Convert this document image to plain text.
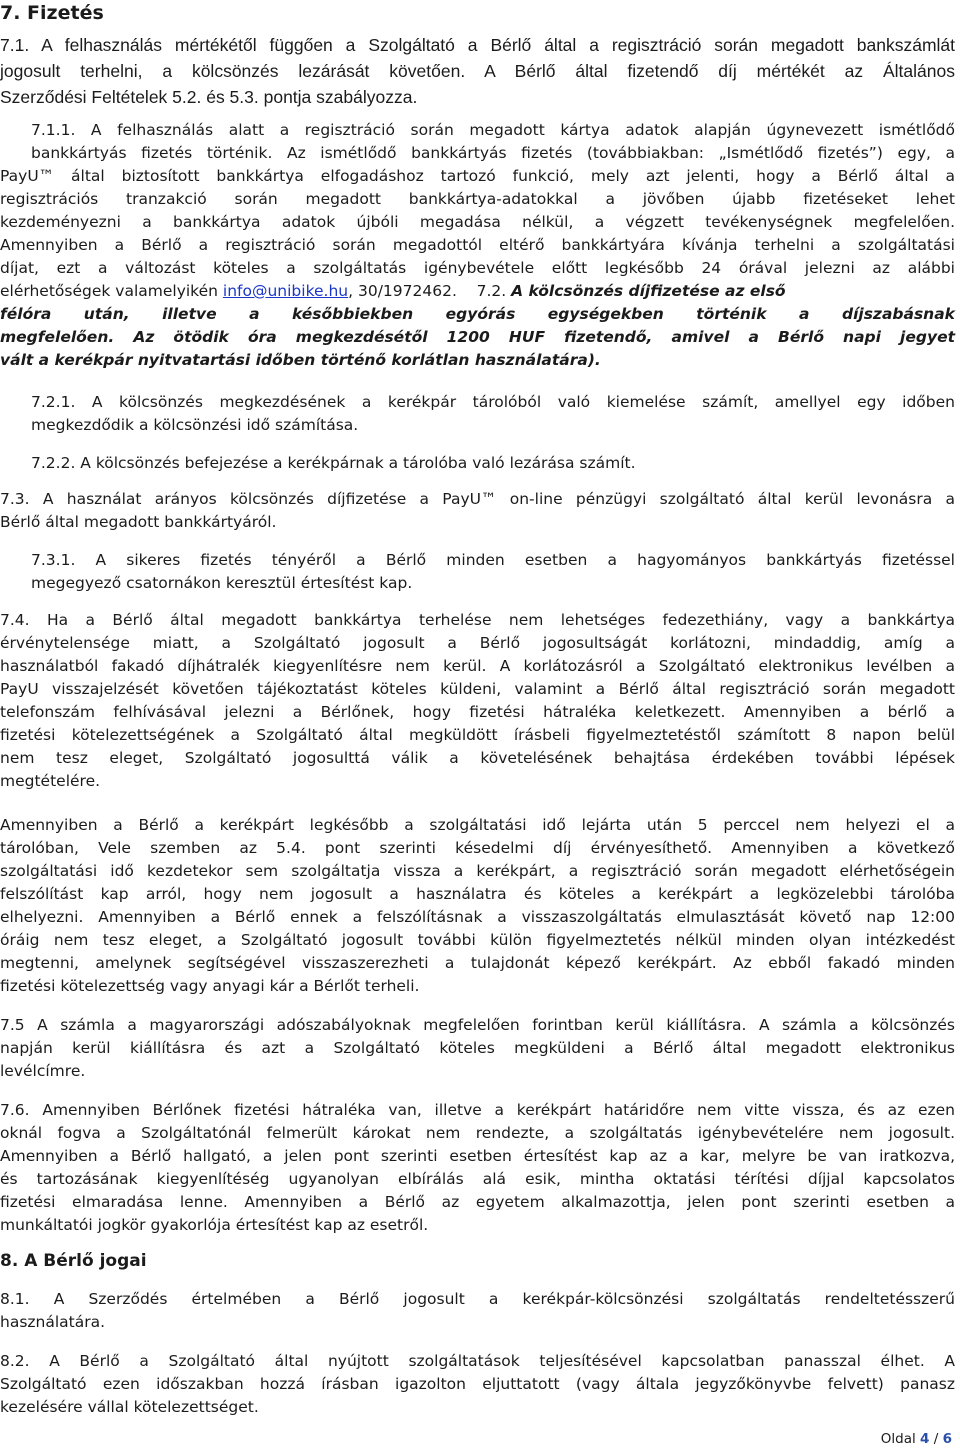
7. Fizetés
7.1. A felhasználás mértékétől függően a Szolgáltató a Bérlő által a regisztráció során megadott bankszámlát
jogosult terhelni, a kölcsönzés lezárását követően. A Bérlő által fizetendő díj mértékét az Általános
Szerződési Feltételek 5.2. és 5.3. pontja szabályozza.
7.1.1. A felhasználás alatt a regisztráció során megadott kártya adatok alapján úgynevezett ismétlődő
bankkártyás fizetés történik. Az ismétlődő bankkártyás fizetés (továbbiakban: „Ismétlődő fizetés”) egy, a
PayU™ által biztosított bankkártya elfogadáshoz tartozó funkció, mely azt jelenti, hogy a Bérlő által a
regisztrációs tranzakció során megadott bankkártya-adatokkal a jövőben újabb fizetéseket lehet
kezdeményezni a bankkártya adatok újbóli megadása nélkül, a végzett tevékenységnek megfelelően.
Amennyiben a Bérlő a regisztráció során megadottól eltérő bankkártyára kívánja terhelni a szolgáltatási
díjat, ezt a változást köteles a szolgáltatás igénybevétele előtt legkésőbb 24 órával jelezni az alábbi
elérhetőségek valamelyikén info@unibike.hu, 30/1972462. 7.2. A kölcsönzés díjfizetése az első
félóra után, illetve a későbbiekben egyórás egységekben történik a díjszabásnak
megfelelően. Az ötödik óra megkezdésétől 1200 HUF fizetendő, amivel a Bérlő napi jegyet
vált a kerékpár nyitvatartási időben történő korlátlan használatára).
7.2.1. A kölcsönzés megkezdésének a kerékpár tárolóból való kiemelése számít, amellyel egy időben
megkezdődik a kölcsönzési idő számítása.
7.2.2. A kölcsönzés befejezése a kerékpárnak a tárolóba való lezárása számít.
7.3. A használat arányos kölcsönzés díjfizetése a PayU™ on-line pénzügyi szolgáltató által kerül levonásra a
Bérlő által megadott bankkártyáról.
7.3.1. A sikeres fizetés tényéről a Bérlő minden esetben a hagyományos bankkártyás fizetéssel
megegyező csatornákon keresztül értesítést kap.
7.4. Ha a Bérlő által megadott bankkártya terhelése nem lehetséges fedezethiány, vagy a bankkártya
érvénytelensége miatt, a Szolgáltató jogosult a Bérlő jogosultságát korlátozni, mindaddig, amíg a
használatból fakadó díjhátralék kiegyenlítésre nem kerül. A korlátozásról a Szolgáltató elektronikus levélben a
PayU visszajelzését követően tájékoztatást köteles küldeni, valamint a Bérlő által regisztráció során megadott
telefonszám felhívásával jelezni a Bérlőnek, hogy fizetési hátraléka keletkezett. Amennyiben a bérlő a
fizetési kötelezettségének a Szolgáltató által megküldött írásbeli figyelmeztetéstől számított 8 napon belül
nem tesz eleget, Szolgáltató jogosulttá válik a követelésének behajtása érdekében további lépések
megtételére.
Amennyiben a Bérlő a kerékpárt legkésőbb a szolgáltatási idő lejárta után 5 perccel nem helyezi el a
tárolóban, Vele szemben az 5.4. pont szerinti késedelmi díj érvényesíthető. Amennyiben a következő
szolgáltatási idő kezdetekor sem szolgáltatja vissza a kerékpárt, a regisztráció során megadott elérhetőségein
felszólítást kap arról, hogy nem jogosult a használatra és köteles a kerékpárt a legközelebbi tárolóba
elhelyezni. Amennyiben a Bérlő ennek a felszólításnak a visszaszolgáltatás elmulasztását követő nap 12:00
óráig nem tesz eleget, a Szolgáltató jogosult további külön figyelmeztetés nélkül minden olyan intézkedést
megtenni, amelynek segítségével visszaszerezheti a tulajdonát képező kerékpárt. Az ebből fakadó minden
fizetési kötelezettség vagy anyagi kár a Bérlőt terheli.
7.5 A számla a magyarországi adószabályoknak megfelelően forintban kerül kiállításra. A számla a kölcsönzés
napján kerül kiállításra és azt a Szolgáltató köteles megküldeni a Bérlő által megadott elektronikus
levélcímre.
7.6. Amennyiben Bérlőnek fizetési hátraléka van, illetve a kerékpárt határidőre nem vitte vissza, és az ezen
oknál fogva a Szolgáltatónál felmerült károkat nem rendezte, a szolgáltatás igénybevételére nem jogosult.
Amennyiben a Bérlő hallgató, a jelen pont szerinti esetben értesítést kap az a kar, melyre be van iratkozva,
és tartozásának kiegyenlítéség ugyanolyan elbírálás alá esik, mintha oktatási térítési díjjal kapcsolatos
fizetési elmaradása lenne. Amennyiben a Bérlő az egyetem alkalmazottja, jelen pont szerinti esetben a
munkáltatói jogkör gyakorlója értesítést kap az esetről.
8. A Bérlő jogai
8.1. A Szerződés értelmében a Bérlő jogosult a kerékpár-kölcsönzési szolgáltatás rendeltetésszerű
használatára.
8.2. A Bérlő a Szolgáltató által nyújtott szolgáltatások teljesítésével kapcsolatban panasszal élhet. A
Szolgáltató ezen időszakban hozzá írásban igazolton eljuttatott (vagy általa jegyzőkönyvbe felvett) panasz
kezelésére vállal kötelezettséget.
Oldal 4 / 6
